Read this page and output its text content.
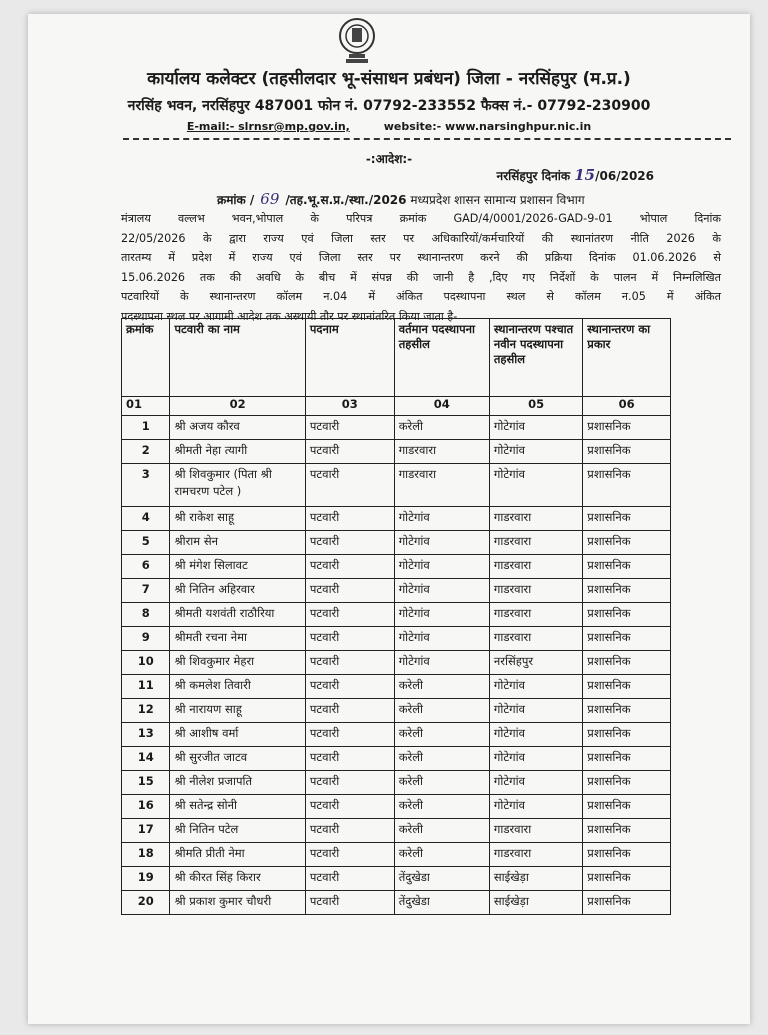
कार्यालय कलेक्टर (तहसीलदार भू-संसाधन प्रबंधन) जिला - नरसिंहपुर (म.प्र.)
नरसिंह भवन, नरसिंहपुर 487001 फोन नं. 07792-233552 फैक्स नं.- 07792-230900
E-mail:- slrnsr@mp.gov.in,	website:- www.narsinghpur.nic.in
-:आदेश:-
नरसिंहपुर दिनांक 15/06/2026
क्रमांक / 69 /तह.भू.स.प्र./स्था./2026 मध्यप्रदेश शासन सामान्य प्रशासन विभाग
मंत्रालय वल्लभ भवन,भोपाल के परिपत्र क्रमांक GAD/4/0001/2026-GAD-9-01 भोपाल दिनांक
22/05/2026 के द्वारा राज्य एवं जिला स्तर पर अधिकारियों/कर्मचारियों की स्थानांतरण नीति 2026 के
तारतम्य में प्रदेश में राज्य एवं जिला स्तर पर स्थानान्तरण करने की प्रक्रिया दिनांक 01.06.2026 से
15.06.2026 तक की अवधि के बीच में संपन्न की जानी है ,दिए गए निर्देशों के पालन में निम्नलिखित
पटवारियों के स्थानान्तरण कॉलम न.04 में अंकित पदस्थापना स्थल से कॉलम न.05 में अंकित
पदस्थापना स्थल पर आगामी आदेश तक अस्थायी तौर पर स्थानांतरित किया जाता है-
क्रमांक	पटवारी का नाम	पदनाम	वर्तमान पदस्थापना तहसील	स्थानान्तरण पश्चात नवीन पदस्थापना तहसील	स्थानान्तरण का प्रकार
01	02	03	04	05	06
1	श्री अजय कौरव	पटवारी	करेली	गोटेगांव	प्रशासनिक
2	श्रीमती नेहा त्यागी	पटवारी	गाडरवारा	गोटेगांव	प्रशासनिक
3	श्री शिवकुमार (पिता श्री रामचरण पटेल )	पटवारी	गाडरवारा	गोटेगांव	प्रशासनिक
4	श्री राकेश साहू	पटवारी	गोटेगांव	गाडरवारा	प्रशासनिक
5	श्रीराम सेन	पटवारी	गोटेगांव	गाडरवारा	प्रशासनिक
6	श्री मंगेश सिलावट	पटवारी	गोटेगांव	गाडरवारा	प्रशासनिक
7	श्री नितिन अहिरवार	पटवारी	गोटेगांव	गाडरवारा	प्रशासनिक
8	श्रीमती यशवंती राठौरिया	पटवारी	गोटेगांव	गाडरवारा	प्रशासनिक
9	श्रीमती रचना नेमा	पटवारी	गोटेगांव	गाडरवारा	प्रशासनिक
10	श्री शिवकुमार मेहरा	पटवारी	गोटेगांव	नरसिंहपुर	प्रशासनिक
11	श्री कमलेश तिवारी	पटवारी	करेली	गोटेगांव	प्रशासनिक
12	श्री नारायण साहू	पटवारी	करेली	गोटेगांव	प्रशासनिक
13	श्री आशीष वर्मा	पटवारी	करेली	गोटेगांव	प्रशासनिक
14	श्री सुरजीत जाटव	पटवारी	करेली	गोटेगांव	प्रशासनिक
15	श्री नीलेश प्रजापति	पटवारी	करेली	गोटेगांव	प्रशासनिक
16	श्री सतेन्द्र सोनी	पटवारी	करेली	गोटेगांव	प्रशासनिक
17	श्री नितिन पटेल	पटवारी	करेली	गाडरवारा	प्रशासनिक
18	श्रीमति प्रीती नेमा	पटवारी	करेली	गाडरवारा	प्रशासनिक
19	श्री कीरत सिंह किरार	पटवारी	तेंदुखेडा	साईखेड़ा	प्रशासनिक
20	श्री प्रकाश कुमार चौधरी	पटवारी	तेंदुखेडा	साईखेड़ा	प्रशासनिक
